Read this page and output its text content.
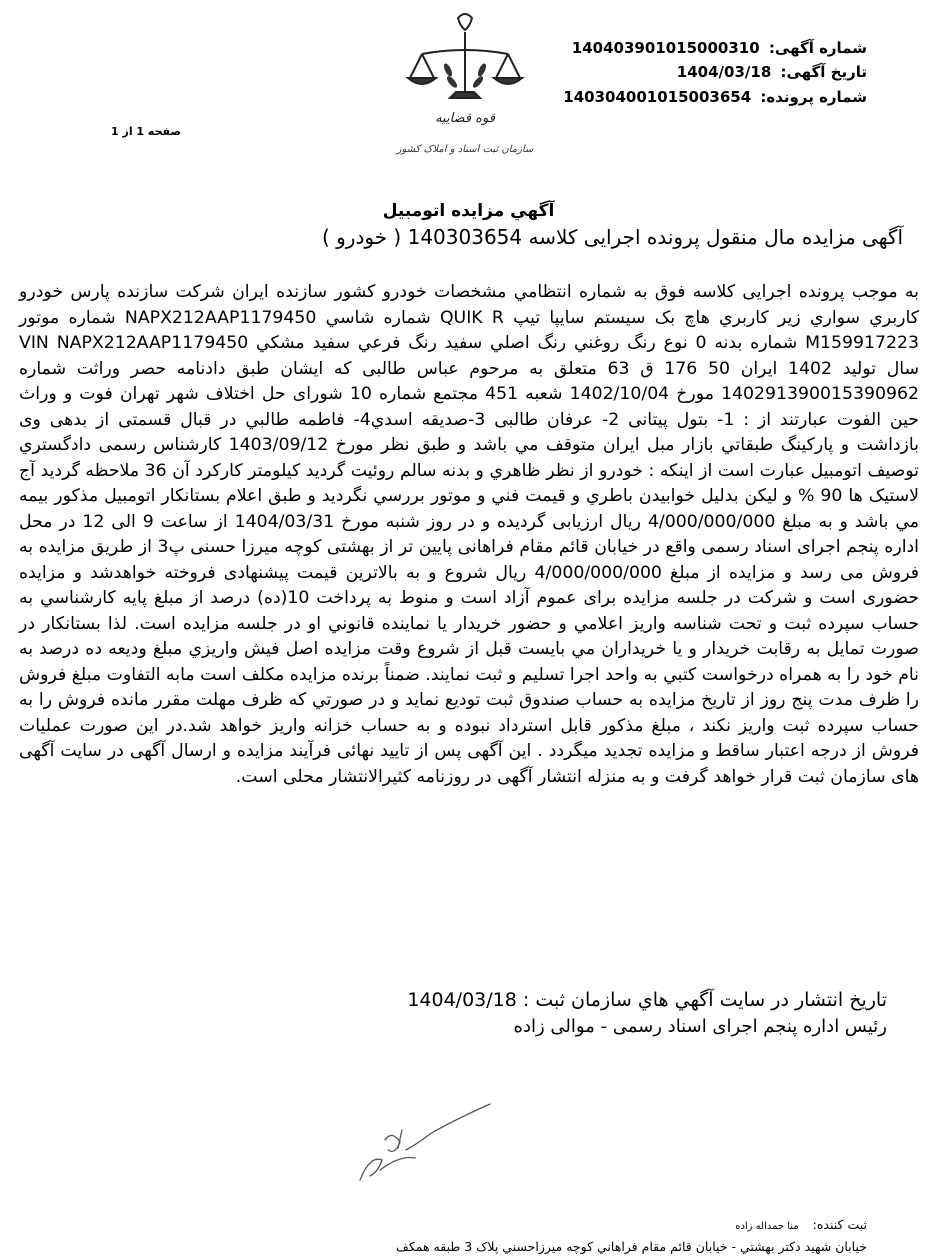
شماره آگهی: 140403901015000310
تاریخ آگهی: 1404/03/18
شماره پرونده: 140304001015003654
صفحه 1 از 1
قوه قضاییه
سازمان ثبت اسناد و املاک کشور
آگهي مزايده اتومبيل
آگهی مزایده مال منقول پرونده اجرایی کلاسه 140303654 ( خودرو )
به موجب پرونده اجرایی کلاسه فوق به شماره انتظامي مشخصات خودرو کشور سازنده ایران شرکت سازنده پارس خودرو کاربري سواري زير کاربري هاچ بک سيستم سايپا تيپ QUIK R شماره شاسي NAPX212AAP1179450 شماره موتور M159917223 شماره بدنه 0 نوع رنگ روغني رنگ اصلي سفيد رنگ فرعي سفيد مشکي VIN NAPX212AAP1179450 سال توليد 1402 ایران 50 176 ق 63 متعلق به مرحوم عباس طالبی که ایشان طبق دادنامه حصر وراثت شماره 140291390015390962 مورخ 1402/10/04 شعبه 451 مجتمع شماره 10 شورای حل اختلاف شهر تهران فوت و وراث حین الفوت عبارتند از : 1- بتول پیتانی 2- عرفان طالبی 3-صدیقه اسدي4- فاطمه طالبي در قبال قسمتی از بدهی وی بازداشت و پارکینگ طبقاتي بازار مبل ايران متوقف مي باشد و طبق نظر مورخ 1403/09/12 کارشناس رسمی دادگستري توصيف اتومبيل عبارت است از اينکه : خودرو از نظر ظاهري و بدنه سالم روئیت گردید کیلومتر کارکرد آن 36 ملاحظه گردید آج لاستیک ها 90 % و لیکن بدلیل خوابیدن باطري و قيمت فني و موتور بررسي نگرديد و طبق اعلام بستانکار اتومبيل مذکور بيمه مي باشد و به مبلغ 4/000/000/000 ريال ارزيابی گرديده و در روز شنبه مورخ 1404/03/31 از ساعت 9 الی 12 در محل اداره پنجم اجرای اسناد رسمی واقع در خیابان قائم مقام فراهانی پایین تر از بهشتی کوچه میرزا حسنی پ3 از طريق مزايده به فروش می رسد و مزايده از مبلغ 4/000/000/000 ريال شروع و به بالاترين قيمت پيشنهادی فروخته خواهدشد و مزایده حضوری است و شرکت در جلسه مزايده برای عموم آزاد است و منوط به پرداخت 10(ده) درصد از مبلغ پايه کارشناسي به حساب سپرده ثبت و تحت شناسه واريز اعلامي و حضور خريدار يا نماينده قانوني او در جلسه مزايده است. لذا بستانکار در صورت تمايل به رقابت خريدار و يا خريداران مي بايست قبل از شروع وقت مزايده اصل فيش واريزي مبلغ وديعه ده درصد به نام خود را به همراه درخواست کتبي به واحد اجرا تسليم و ثبت نمايند. ضمناً برنده مزايده مکلف است مابه التفاوت مبلغ فروش را ظرف مدت پنج روز از تاريخ مزايده به حساب صندوق ثبت توديع نمايد و در صورتي که ظرف مهلت مقرر مانده فروش را به حساب سپرده ثبت واريز نکند ، مبلغ مذکور قابل استرداد نبوده و به حساب خزانه واريز خواهد شد.در این صورت عملیات فروش از درجه اعتبار ساقط و مزايده تجديد ميگردد . این آگهی پس از تایید نهائی فرآیند مزایده و ارسال آگهی در سایت آگهی های سازمان ثبت قرار خواهد گرفت و به منزله انتشار آگهی در روزنامه کثیرالانتشار محلی است.
تاريخ انتشار در سايت آگهي هاي سازمان ثبت : 1404/03/18
رئیس اداره پنجم اجرای اسناد رسمی - موالی زاده
ثبت کننده: منا حمداله زاده
خيابان شهيد دکتر بهشتي - خيابان قائم مقام فراهاني کوچه ميرزاحسني پلاک 3 طبقه همکف
